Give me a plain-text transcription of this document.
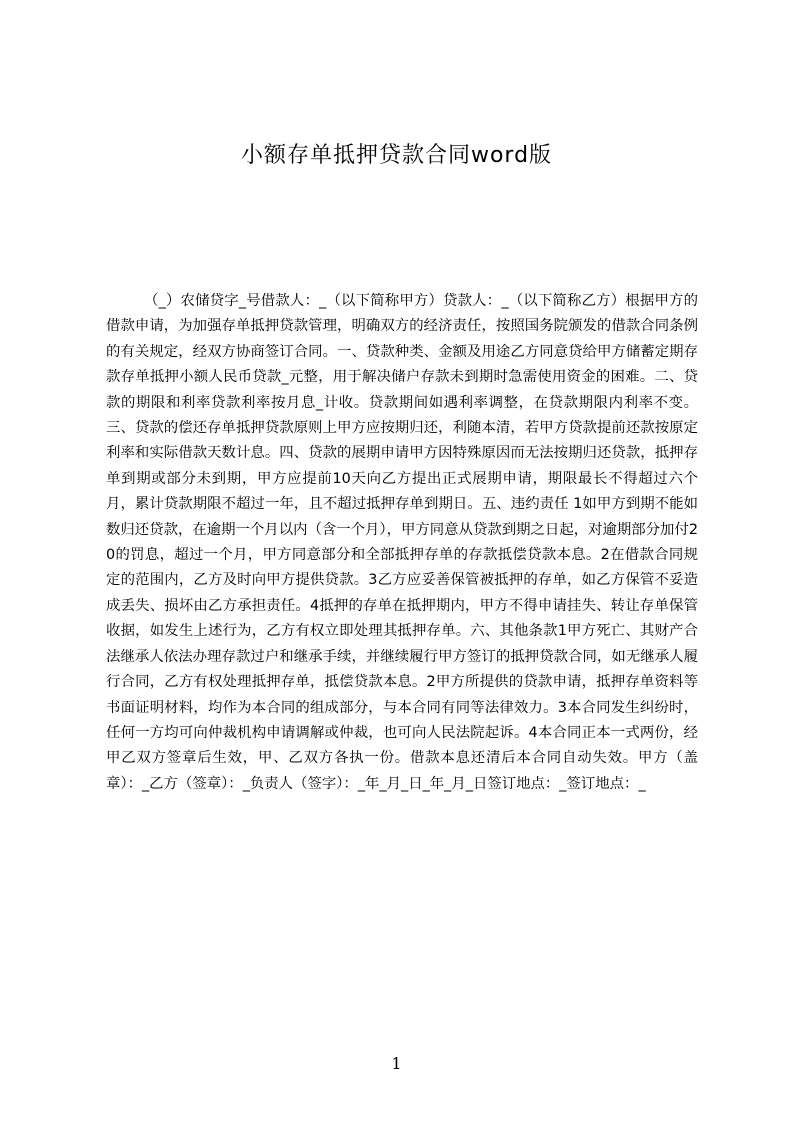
小额存单抵押贷款合同word版

（_）农储贷字_号借款人：_（以下简称甲方）贷款人：_（以下简称乙方）根据甲方的借款申请，为加强存单抵押贷款管理，明确双方的经济责任，按照国务院颁发的借款合同条例的有关规定，经双方协商签订合同。一、贷款种类、金额及用途乙方同意贷给甲方储蓄定期存款存单抵押小额人民币贷款_元整，用于解决储户存款未到期时急需使用资金的困难。二、贷款的期限和利率贷款利率按月息_计收。贷款期间如遇利率调整，在贷款期限内利率不变。三、贷款的偿还存单抵押贷款原则上甲方应按期归还，利随本清，若甲方贷款提前还款按原定利率和实际借款天数计息。四、贷款的展期申请甲方因特殊原因而无法按期归还贷款，抵押存单到期或部分未到期，甲方应提前10天向乙方提出正式展期申请，期限最长不得超过六个月，累计贷款期限不超过一年，且不超过抵押存单到期日。五、违约责任 1如甲方到期不能如数归还贷款，在逾期一个月以内（含一个月），甲方同意从贷款到期之日起，对逾期部分加付20的罚息，超过一个月，甲方同意部分和全部抵押存单的存款抵偿贷款本息。2在借款合同规定的范围内，乙方及时向甲方提供贷款。3乙方应妥善保管被抵押的存单，如乙方保管不妥造成丢失、损坏由乙方承担责任。4抵押的存单在抵押期内，甲方不得申请挂失、转让存单保管收据，如发生上述行为，乙方有权立即处理其抵押存单。六、其他条款1甲方死亡、其财产合法继承人依法办理存款过户和继承手续，并继续履行甲方签订的抵押贷款合同，如无继承人履行合同，乙方有权处理抵押存单，抵偿贷款本息。2甲方所提供的贷款申请，抵押存单资料等书面证明材料，均作为本合同的组成部分，与本合同有同等法律效力。3本合同发生纠纷时，任何一方均可向仲裁机构申请调解或仲裁，也可向人民法院起诉。4本合同正本一式两份，经甲乙双方签章后生效，甲、乙双方各执一份。借款本息还清后本合同自动失效。甲方（盖章）：_乙方（签章）：_负责人（签字）：_年_月_日_年_月_日签订地点：_签订地点：_

1
